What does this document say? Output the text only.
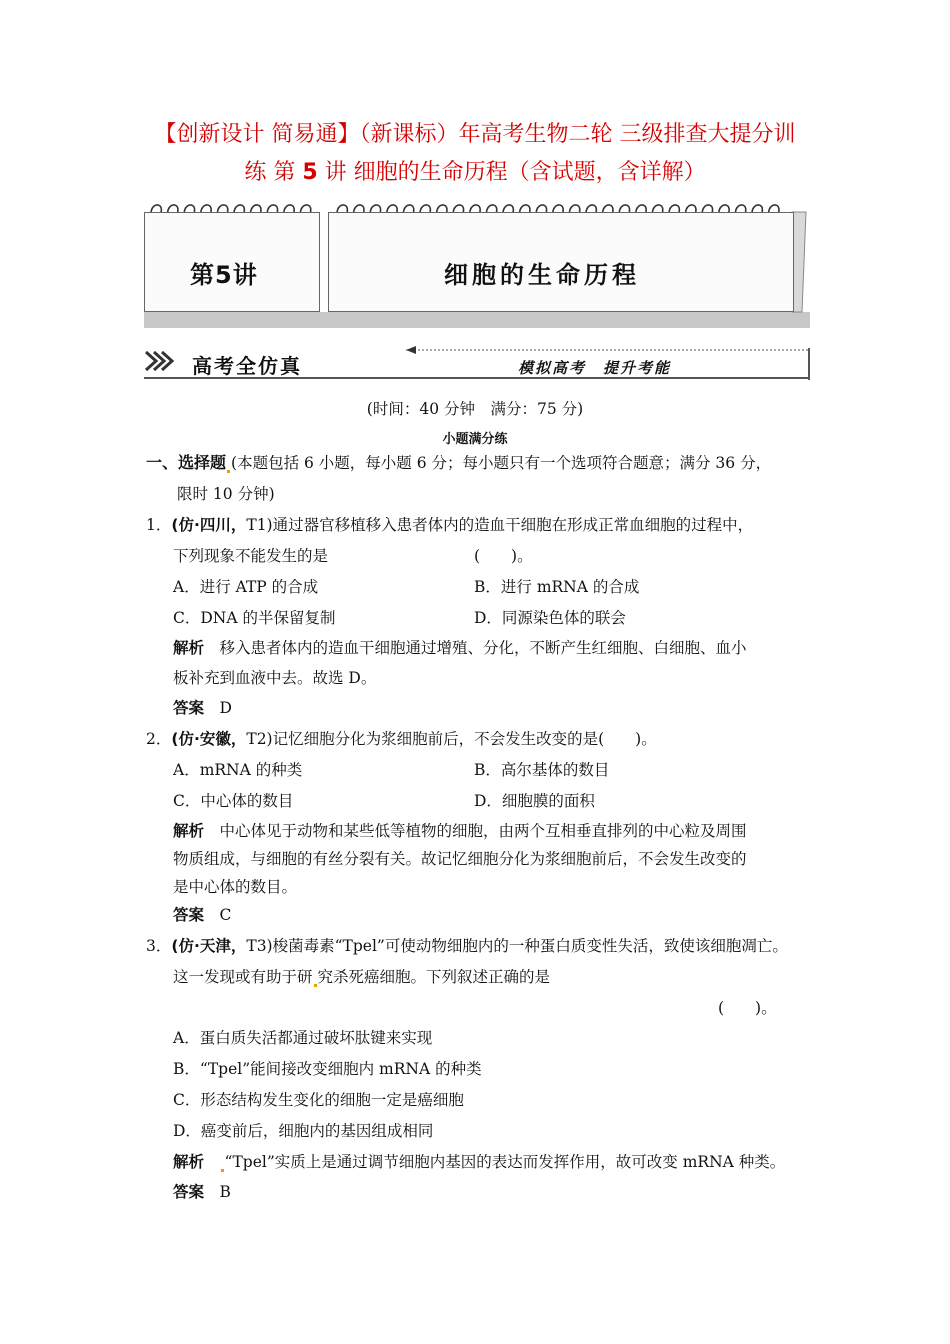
【创新设计 简易通】（新课标）年高考生物二轮 三级排查大提分训
练 第 5 讲 细胞的生命历程（含试题，含详解）
第5讲	细胞的生命历程
高考全仿真	模拟高考　提升考能
(时间：40 分钟　满分：75 分)
小题满分练
一、选择题 (本题包括 6 小题，每小题 6 分；每小题只有一个选项符合题意；满分 36 分，
限时 10 分钟)
1．(仿·四川，T1)通过器官移植移入患者体内的造血干细胞在形成正常血细胞的过程中，
下列现象不能发生的是	(　　)。
A．进行 ATP 的合成	B．进行 mRNA 的合成
C．DNA 的半保留复制	D．同源染色体的联会
解析　 移入患者体内的造血干细胞通过增殖、分化，不断产生红细胞、白细胞、血小
板补充到血液中去。故选 D。
答案　 D
2．(仿·安徽，T2)记忆细胞分化为浆细胞前后，不会发生改变的是(　　)。
A．mRNA 的种类	B．高尔基体的数目
C．中心体的数目	D．细胞膜的面积
解析　 中心体见于动物和某些低等植物的细胞，由两个互相垂直排列的中心粒及周围
物质组成，与细胞的有丝分裂有关。故记忆细胞分化为浆细胞前后，不会发生改变的
是中心体的数目。
答案　 C
3．(仿·天津，T3)梭菌毒素“Tpel”可使动物细胞内的一种蛋白质变性失活，致使该细胞凋亡。
这一发现或有助于研 究杀死癌细胞。下列叙述正确的是
(　　)。
A．蛋白质失活都通过破坏肽键来实现
B．“Tpel”能间接改变细胞内 mRNA 的种类
C．形态结构发生变化的细胞一定是癌细胞
D．癌变前后，细胞内的基因组成相同
解析　 “Tpel”实质上是通过调节细胞内基因的表达而发挥作用，故可改变 mRNA 种类。
答案　 B
